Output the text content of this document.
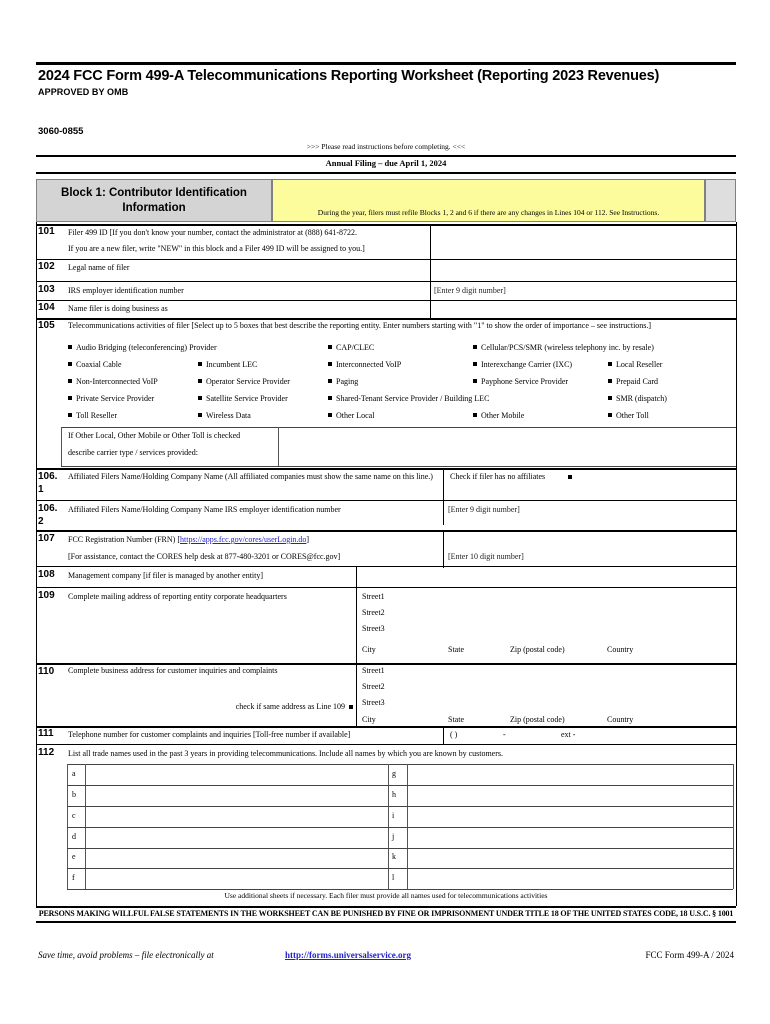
2024 FCC Form 499-A Telecommunications Reporting Worksheet (Reporting 2023 Revenues)
APPROVED BY OMB
3060-0855
>>> Please read instructions before completing. <<<
Annual Filing – due April 1, 2024
Block 1: Contributor Identification Information	During the year, filers must refile Blocks 1, 2 and 6 if there are any changes in Lines 104 or 112. See Instructions.
101	Filer 499 ID [If you don't know your number, contact the administrator at (888) 641-8722.
If you are a new filer, write "NEW" in this block and a Filer 499 ID will be assigned to you.]
102	Legal name of filer
103	IRS employer identification number	[Enter 9 digit number]
104	Name filer is doing business as
105	Telecommunications activities of filer [Select up to 5 boxes that best describe the reporting entity. Enter numbers starting with "1" to show the order of importance – see instructions.]
Audio Bridging (teleconferencing) Provider	CAP/CLEC	Cellular/PCS/SMR (wireless telephony inc. by resale)
Coaxial Cable	Incumbent LEC	Interconnected VoIP	Interexchange Carrier (IXC)	Local Reseller
Non-Interconnected VoIP	Operator Service Provider	Paging	Payphone Service Provider	Prepaid Card
Private Service Provider	Satellite Service Provider	Shared-Tenant Service Provider / Building LEC	SMR (dispatch)
Toll Reseller	Wireless Data	Other Local	Other Mobile	Other Toll
If Other Local, Other Mobile or Other Toll is checked
describe carrier type / services provided:
106.
1
Affiliated Filers Name/Holding Company Name (All affiliated companies must show the same name on this line.)	Check if filer has no affiliates
106.
2
Affiliated Filers Name/Holding Company Name IRS employer identification number	[Enter 9 digit number]
107	FCC Registration Number (FRN) [https://apps.fcc.gov/cores/userLogin.do]
[For assistance, contact the CORES help desk at 877-480-3201 or CORES@fcc.gov]	[Enter 10 digit number]
108	Management company [if filer is managed by another entity]
109	Complete mailing address of reporting entity corporate headquarters	Street1
Street2
Street3
City	State	Zip (postal code)	Country
110	Complete business address for customer inquiries and complaints
check if same address as Line 109
Street1
Street2
Street3
City	State	Zip (postal code)	Country
111	Telephone number for customer complaints and inquiries [Toll-free number if available]	( )	-	ext -
112	List all trade names used in the past 3 years in providing telecommunications. Include all names by which you are known by customers.
a
b
c
d
e
f
g
h
i
j
k
l
Use additional sheets if necessary. Each filer must provide all names used for telecommunications activities
PERSONS MAKING WILLFUL FALSE STATEMENTS IN THE WORKSHEET CAN BE PUNISHED BY FINE OR IMPRISONMENT UNDER TITLE 18 OF THE UNITED STATES CODE, 18 U.S.C. § 1001
Save time, avoid problems – file electronically at	http://forms.universalservice.org	FCC Form 499-A / 2024
